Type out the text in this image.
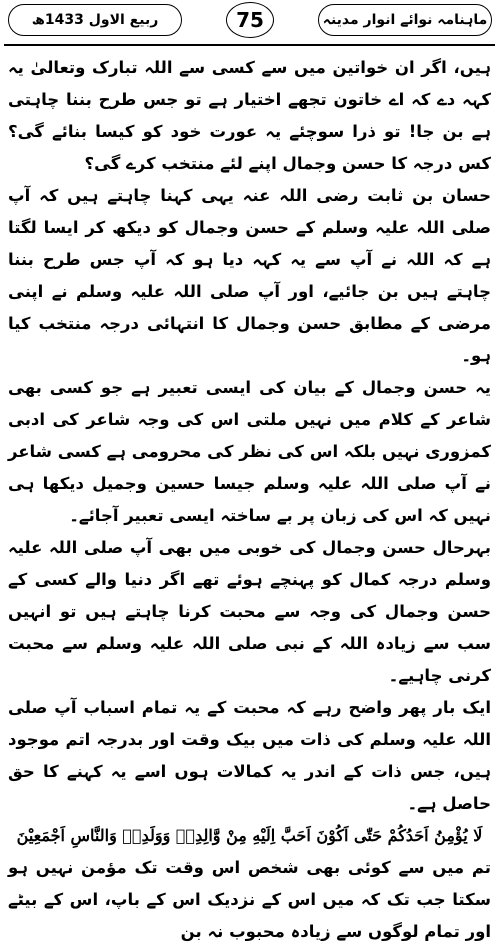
ربیع الاول 1433ھ	75	ماہنامہ نوائے انوار مدینہ

ہیں، اگر ان خواتین میں سے کسی سے اللہ تبارک وتعالیٰ یہ کہہ دے کہ اے خاتون تجھے اختیار ہے تو جس طرح بننا چاہتی ہے بن جا! تو ذرا سوچئے یہ عورت خود کو کیسا بنائے گی؟ کس درجہ کا حسن وجمال اپنے لئے منتخب کرے گی؟

حسان بن ثابت رضی اللہ عنہ یہی کہنا چاہتے ہیں کہ آپ صلی اللہ علیہ وسلم کے حسن وجمال کو دیکھ کر ایسا لگتا ہے کہ اللہ نے آپ سے یہ کہہ دیا ہو کہ آپ جس طرح بننا چاہتے ہیں بن جائیے، اور آپ صلی اللہ علیہ وسلم نے اپنی مرضی کے مطابق حسن وجمال کا انتہائی درجہ منتخب کیا ہو۔

یہ حسن وجمال کے بیان کی ایسی تعبیر ہے جو کسی بھی شاعر کے کلام میں نہیں ملتی اس کی وجہ شاعر کی ادبی کمزوری نہیں بلکہ اس کی نظر کی محرومی ہے کسی شاعر نے آپ صلی اللہ علیہ وسلم جیسا حسین وجمیل دیکھا ہی نہیں کہ اس کی زبان پر بے ساختہ ایسی تعبیر آجائے۔

بہرحال حسن وجمال کی خوبی میں بھی آپ صلی اللہ علیہ وسلم درجہ کمال کو پہنچے ہوئے تھے اگر دنیا والے کسی کے حسن وجمال کی وجہ سے محبت کرنا چاہتے ہیں تو انہیں سب سے زیادہ اللہ کے نبی صلی اللہ علیہ وسلم سے محبت کرنی چاہیے۔

ایک بار پھر واضح رہے کہ محبت کے یہ تمام اسباب آپ صلی اللہ علیہ وسلم کی ذات میں بیک وقت اور بدرجہ اتم موجود ہیں، جس ذات کے اندر یہ کمالات ہوں اسے یہ کہنے کا حق حاصل ہے۔

لَا يُؤْمِنُ اَحَدُكُمْ حَتّٰى اَكُوْنَ اَحَبَّ اِلَيْهِ مِنْ وَّالِدِهٖ وَوَلَدِهٖ وَالنَّاسِ اَجْمَعِيْنَ

تم میں سے کوئی بھی شخص اس وقت تک مؤمن نہیں ہو سکتا جب تک کہ میں اس کے نزدیک اس کے باپ، اس کے بیٹے اور تمام لوگوں سے زیادہ محبوب نہ بن
